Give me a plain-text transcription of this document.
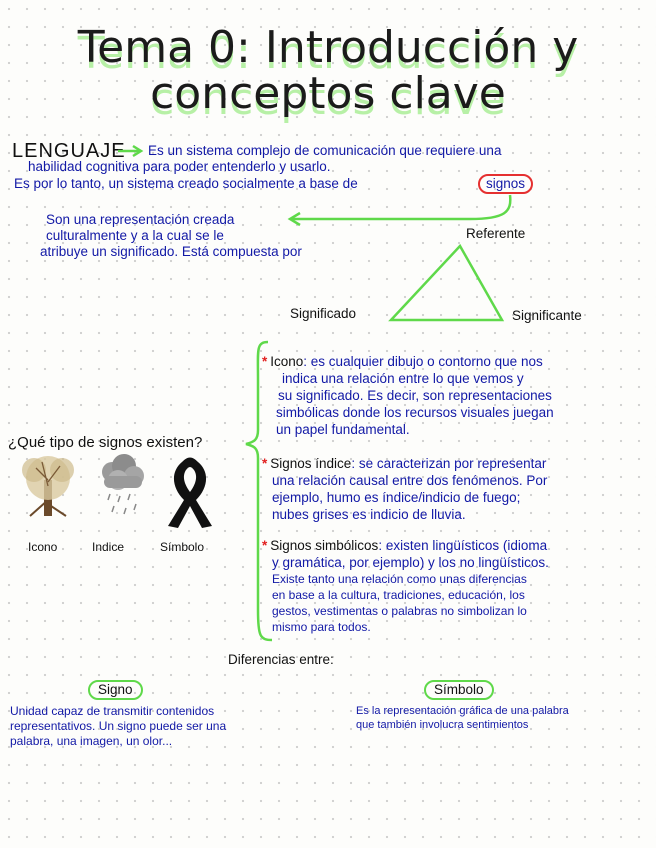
Tema 0: Introducción y
conceptos clave
LENGUAJE Es un sistema complejo de comunicación que requiere una
habilidad cognitiva para poder entenderlo y usarlo.
Es por lo tanto, un sistema creado socialmente a base de	signos
Son una representación creada
culturalmente y a la cual se le
atribuye un significado. Está compuesta por
Referente
Significado	Significante
¿Qué tipo de signos existen?
Icono	Indice	Símbolo
* Icono: es cualquier dibujo o contorno que nos
indica una relación entre lo que vemos y
su significado. Es decir, son representaciones
simbólicas donde los recursos visuales juegan
un papel fundamental.
* Signos índice: se caracterizan por representar
una relación causal entre dos fenómenos. Por
ejemplo, humo es índice/indicio de fuego;
nubes grises es indicio de lluvia.
* Signos simbólicos: existen lingüísticos (idioma
y gramática, por ejemplo) y los no lingüísticos.
Existe tanto una relación como unas diferencias
en base a la cultura, tradiciones, educación, los
gestos, vestimentas o palabras no simbolizan lo
mismo para todos.
Diferencias entre:
Signo
Unidad capaz de transmitir contenidos
representativos. Un signo puede ser una
palabra, una imagen, un olor...
Símbolo
Es la representación gráfica de una palabra
que también involucra sentimientos
